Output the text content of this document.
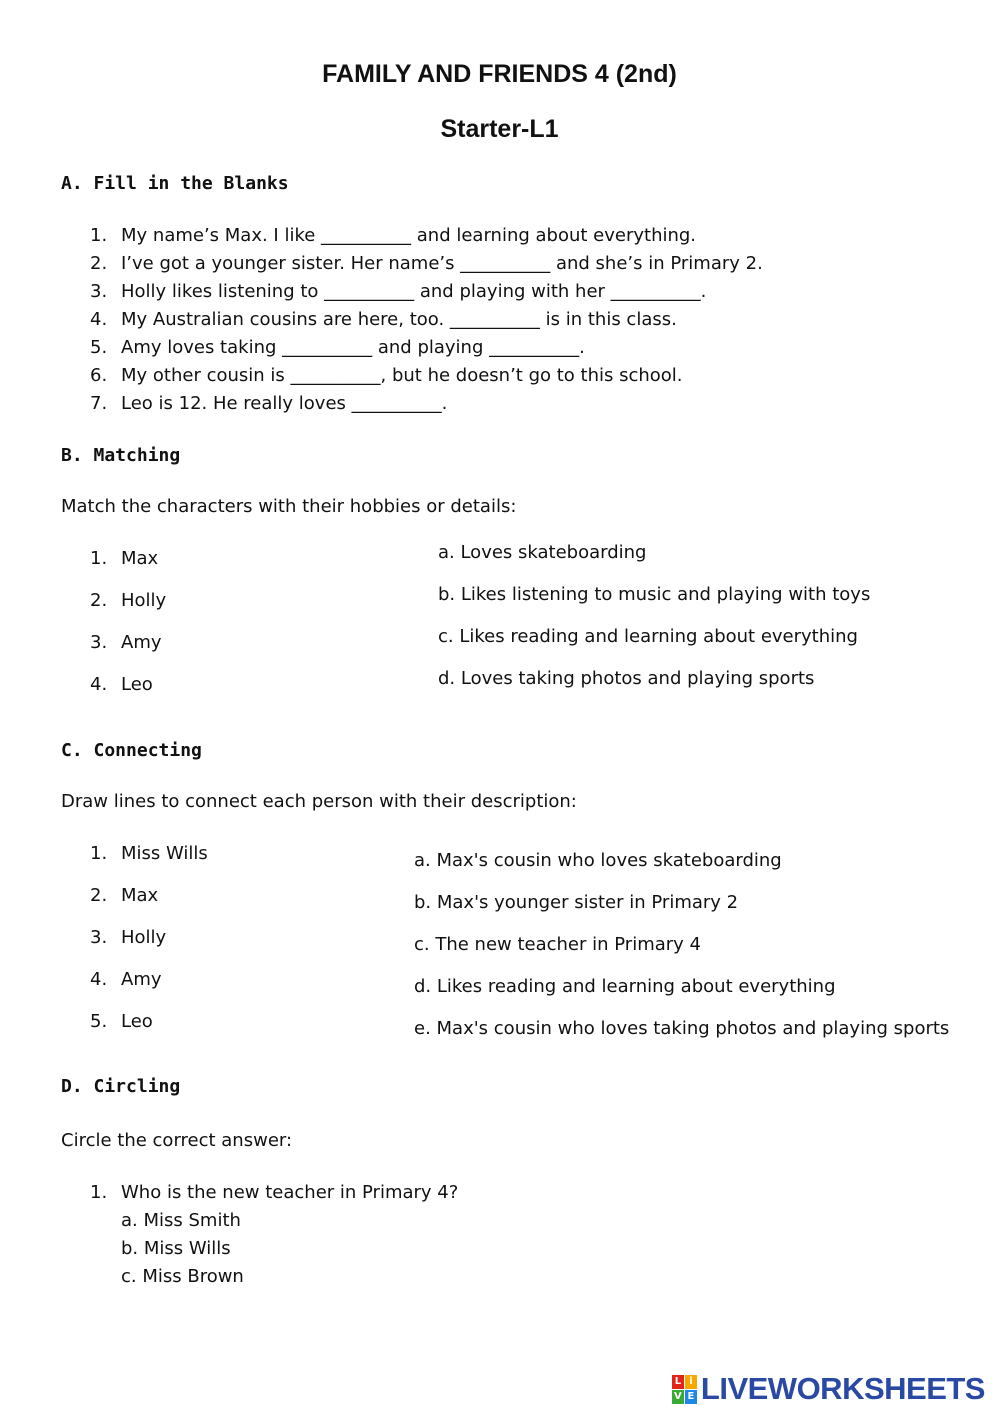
FAMILY AND FRIENDS 4 (2nd)
Starter-L1
A. Fill in the Blanks
1. My name’s Max. I like __________ and learning about everything.
2. I’ve got a younger sister. Her name’s __________ and she’s in Primary 2.
3. Holly likes listening to __________ and playing with her __________.
4. My Australian cousins are here, too. __________ is in this class.
5. Amy loves taking __________ and playing __________.
6. My other cousin is __________, but he doesn’t go to this school.
7. Leo is 12. He really loves __________.
B. Matching
Match the characters with their hobbies or details:
1. Max
2. Holly
3. Amy
4. Leo
a. Loves skateboarding
b. Likes listening to music and playing with toys
c. Likes reading and learning about everything
d. Loves taking photos and playing sports
C. Connecting
Draw lines to connect each person with their description:
1. Miss Wills
2. Max
3. Holly
4. Amy
5. Leo
a. Max's cousin who loves skateboarding
b. Max's younger sister in Primary 2
c. The new teacher in Primary 4
d. Likes reading and learning about everything
e. Max's cousin who loves taking photos and playing sports
D. Circling
Circle the correct answer:
1. Who is the new teacher in Primary 4?
a. Miss Smith
b. Miss Wills
c. Miss Brown
L i
V E LIVEWORKSHEETS
